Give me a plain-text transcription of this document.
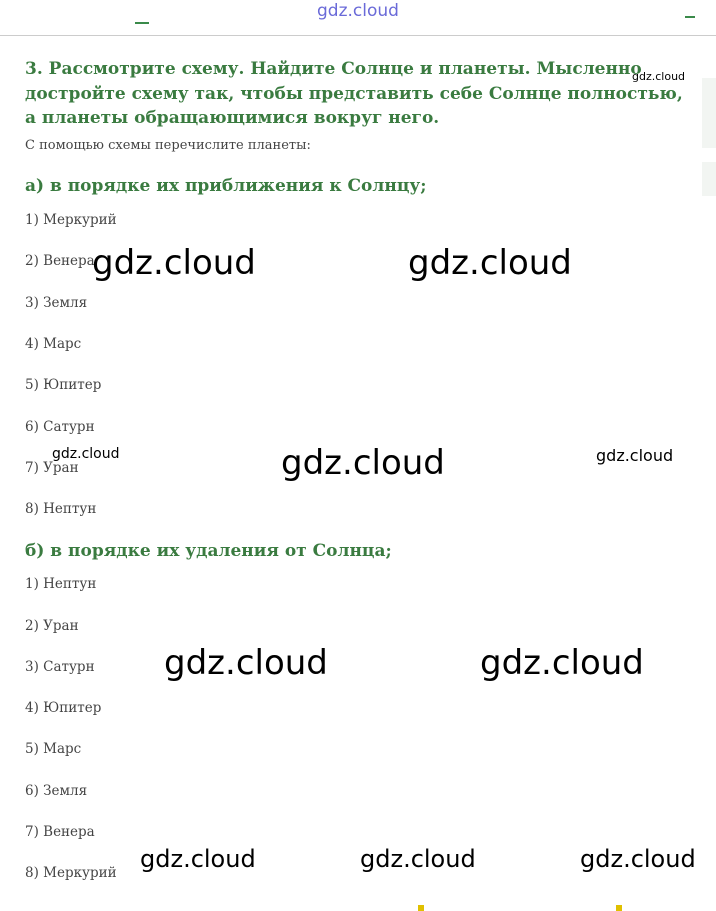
gdz.cloud
3. Рассмотрите схему. Найдите Солнце и планеты. Мысленно достройте схему так, чтобы представить себе Солнце полностью, а планеты обращающимися вокруг него.
С помощью схемы перечислите планеты:
а) в порядке их приближения к Солнцу;
1) Меркурий
2) Венера
3) Земля
4) Марс
5) Юпитер
6) Сатурн
7) Уран
8) Нептун
б) в порядке их удаления от Солнца;
1) Нептун
2) Уран
3) Сатурн
4) Юпитер
5) Марс
6) Земля
7) Венера
8) Меркурий
gdz.cloud
gdz.cloud	gdz.cloud
gdz.cloud	gdz.cloud	gdz.cloud
gdz.cloud	gdz.cloud
gdz.cloud	gdz.cloud	gdz.cloud
